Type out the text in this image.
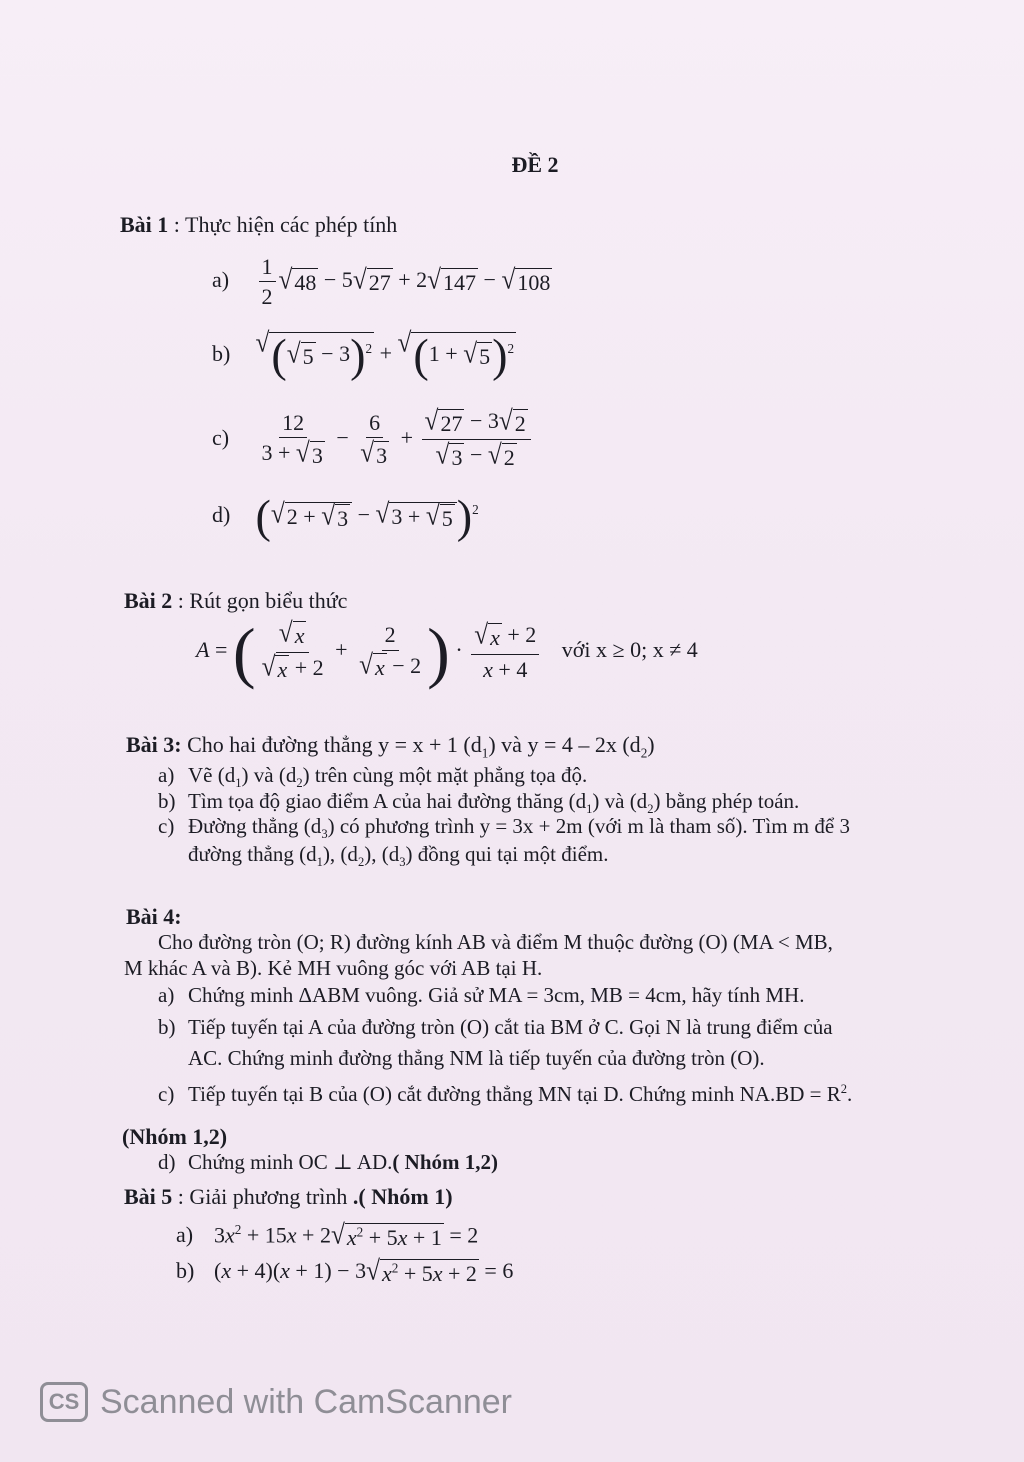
ĐỀ 2
Bài 1 : Thực hiện các phép tính
$a) \frac{1}{2}$ √ 48 − 5 √ 27 + 2 √ 147 − √ 108
b) √ ( √ 5 − 3)$^2$ + √ (1 + √ 5 )$^2$
$c) \frac{12}{3 + √ 3} - \frac{6}{√ 3} + \frac{√ 27 - 3 √ 2}{√ 3 - √ 2}$
d) ( √ 2 + √ 3 − √ 3 + √ 5 )$^2$
Bài 2 : Rút gọn biểu thức
A = ( $\frac{√ x}{√ x + 2} + \frac{2}{√ x - 2}$ ) · $\frac{√ x + 2}{x + 4}$ với x ≥ 0; x ≠ 4
Bài 3: Cho hai đường thẳng y = x + 1 $(d_1)$ và y = 4 – 2x $(d_2)$
a) Vẽ $(d_1)$ và $(d_2)$ trên cùng một mặt phẳng tọa độ.
b) Tìm tọa độ giao điểm A của hai đường thăng $(d_1)$ và $(d_2)$ bằng phép toán.
c) Đường thẳng $(d_3)$ có phương trình y = 3x + 2m (với m là tham số). Tìm m để 3
đường thẳng $(d_1)$, $(d_2)$, $(d_3)$ đồng qui tại một điểm.
Bài 4:
Cho đường tròn (O; R) đường kính AB và điểm M thuộc đường (O) (MA < MB,
M khác A và B). Kẻ MH vuông góc với AB tại H.
a) Chứng minh ΔABM vuông. Giả sử MA = 3cm, MB = 4cm, hãy tính MH.
b) Tiếp tuyến tại A của đường tròn (O) cắt tia BM ở C. Gọi N là trung điểm của
AC. Chứng minh đường thẳng NM là tiếp tuyến của đường tròn (O).
c) Tiếp tuyến tại B của (O) cắt đường thẳng MN tại D. Chứng minh $NA.BD = R^2$.
(Nhóm 1,2)
d) Chứng minh OC ⊥ AD.( Nhóm 1,2)
Bài 5 : Giải phương trình .( Nhóm 1)
a) $3x^2 + 15x + 2$ √ $x^2 + 5x + 1 = 2$
b) (x + 4)(x + 1) − 3 √ $x^2 + 5x + 2 = 6$
CS Scanned with CamScanner
